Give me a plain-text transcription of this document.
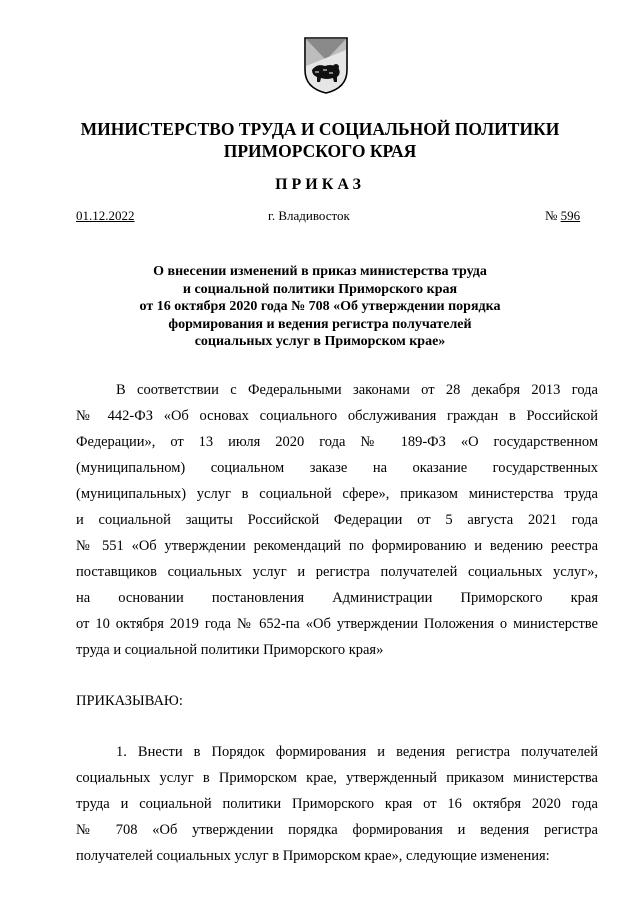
МИНИСТЕРСТВО ТРУДА И СОЦИАЛЬНОЙ ПОЛИТИКИ
ПРИМОРСКОГО КРАЯ
ПРИКАЗ
01.12.2022	г. Владивосток	№ 596
О внесении изменений в приказ министерства труда
и социальной политики Приморского края
от 16 октября 2020 года № 708 «Об утверждении порядка
формирования и ведения регистра получателей
социальных услуг в Приморском крае»
В соответствии с Федеральными законами от 28 декабря 2013 года
№ 442-ФЗ «Об основах социального обслуживания граждан в Российской
Федерации», от 13 июля 2020 года № 189-ФЗ «О государственном
(муниципальном) социальном заказе на оказание государственных
(муниципальных) услуг в социальной сфере», приказом министерства труда
и социальной защиты Российской Федерации от 5 августа 2021 года
№ 551 «Об утверждении рекомендаций по формированию и ведению реестра
поставщиков социальных услуг и регистра получателей социальных услуг»,
на основании постановления Администрации Приморского края
от 10 октября 2019 года № 652-па «Об утверждении Положения о министерстве
труда и социальной политики Приморского края»
ПРИКАЗЫВАЮ:
1. Внести в Порядок формирования и ведения регистра получателей
социальных услуг в Приморском крае, утвержденный приказом министерства
труда и социальной политики Приморского края от 16 октября 2020 года
№ 708 «Об утверждении порядка формирования и ведения регистра
получателей социальных услуг в Приморском крае», следующие изменения:
